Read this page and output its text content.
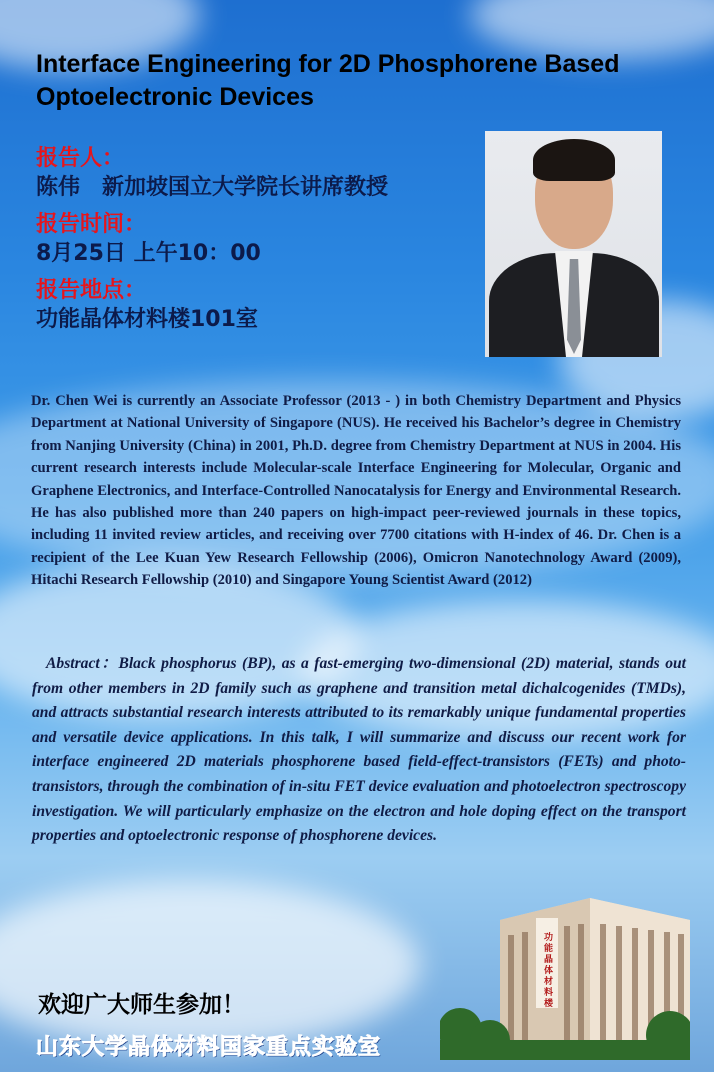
Interface Engineering for 2D Phosphorene Based Optoelectronic Devices
报告人：
陈伟　新加坡国立大学院长讲席教授
报告时间：
8月25日 上午10：00
报告地点：
功能晶体材料楼101室
Dr. Chen Wei is currently an Associate Professor (2013 - ) in both Chemistry Department and Physics Department at National University of Singapore (NUS). He received his Bachelor’s degree in Chemistry from Nanjing University (China) in 2001, Ph.D. degree from Chemistry Department at NUS in 2004. His current research interests include Molecular-scale Interface Engineering for Molecular, Organic and Graphene Electronics, and Interface-Controlled Nanocatalysis for Energy and Environmental Research. He has also published more than 240 papers on high-impact peer-reviewed journals in these topics, including 11 invited review articles, and receiving over 7700 citations with H-index of 46. Dr. Chen is a recipient of the Lee Kuan Yew Research Fellowship (2006), Omicron Nanotechnology Award (2009), Hitachi Research Fellowship (2010) and Singapore Young Scientist Award (2012)
Abstract：Black phosphorus (BP), as a fast-emerging two-dimensional (2D) material, stands out from other members in 2D family such as graphene and transition metal dichalcogenides (TMDs), and attracts substantial research interests attributed to its remarkably unique fundamental properties and versatile device applications. In this talk, I will summarize and discuss our recent work for interface engineered 2D materials phosphorene based field-effect-transistors (FETs) and photo-transistors, through the combination of in-situ FET device evaluation and photoelectron spectroscopy investigation. We will particularly emphasize on the electron and hole doping effect on the transport properties and optoelectronic response of phosphorene devices.
功能晶体材料楼
欢迎广大师生参加！
山东大学晶体材料国家重点实验室
